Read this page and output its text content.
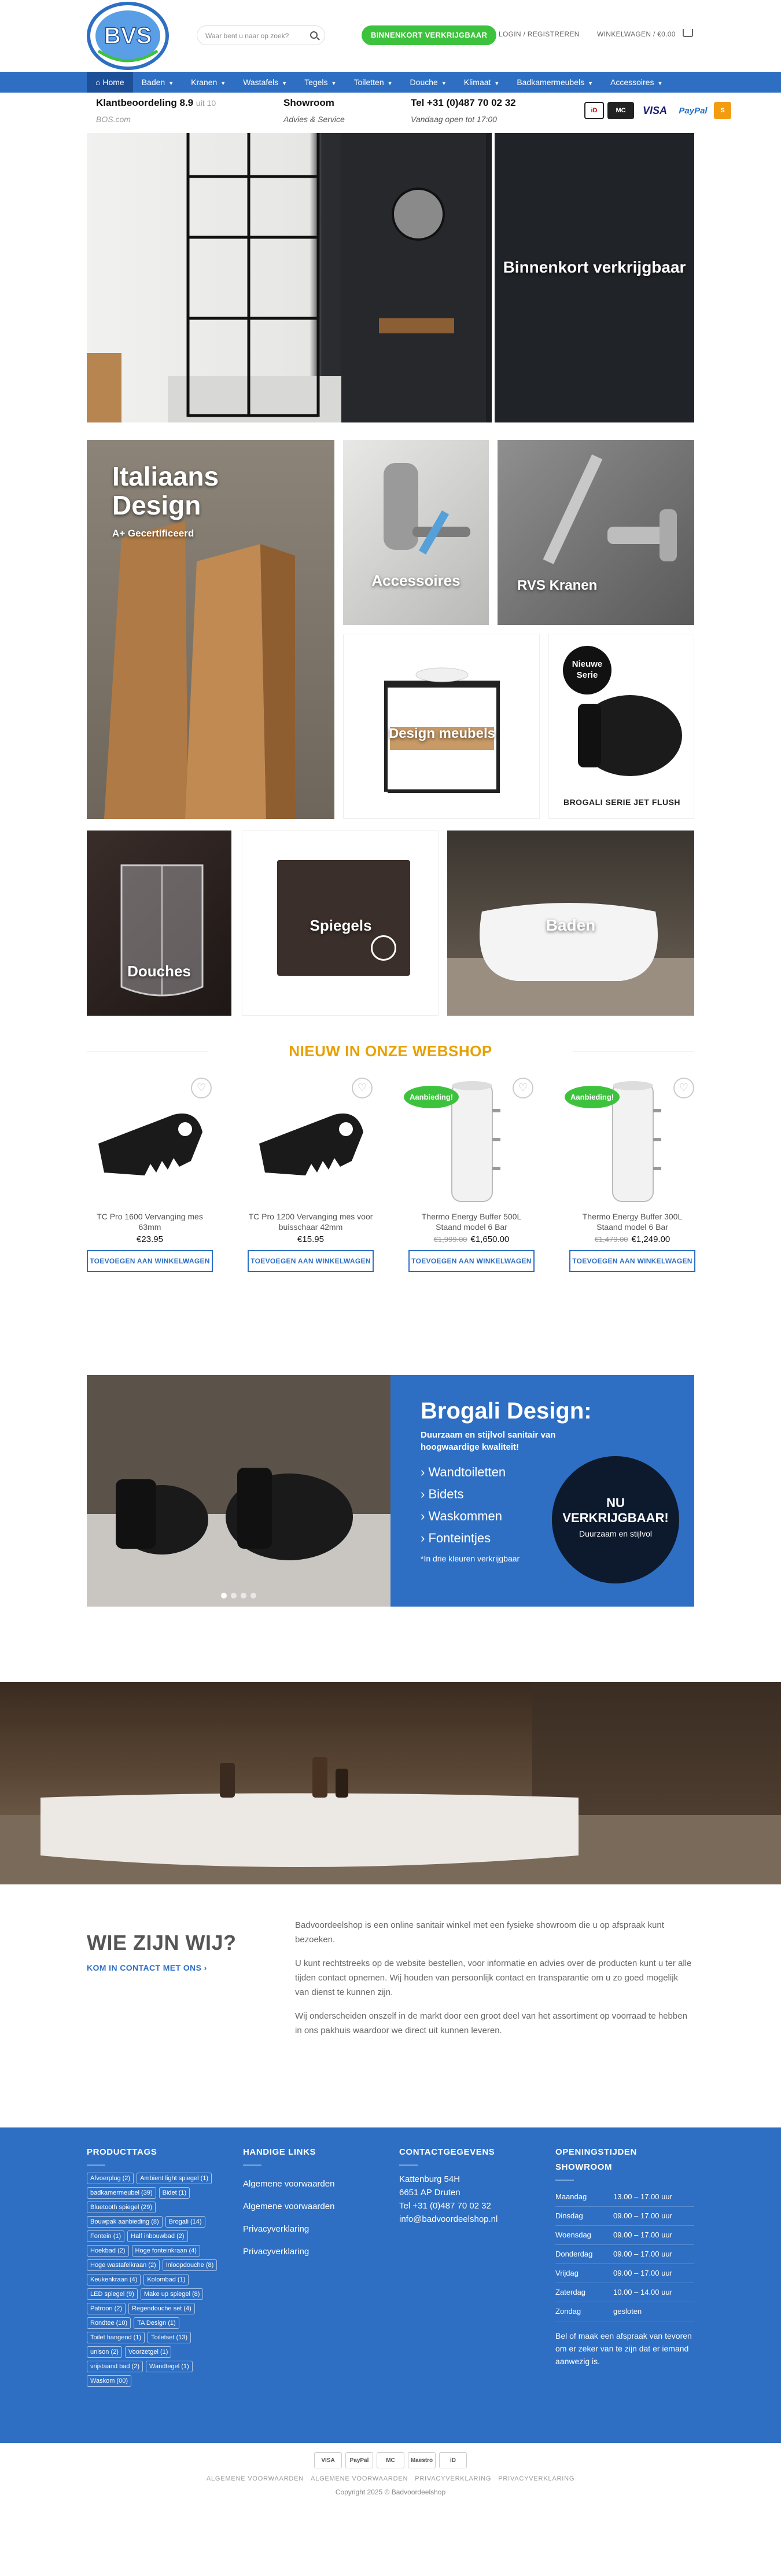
BVS	Waar bent u naar op zoek?	BINNENKORT VERKRIJGBAAR	LOGIN / REGISTREREN	WINKELWAGEN / €0.00
⌂ Home	Baden ▼	Kranen ▼	Wastafels ▼	Tegels ▼	Toiletten ▼	Douche ▼	Klimaat ▼	Badkamermeubels ▼	Accessoires ▼
Klantbeoordeling 8.9 uit 10
BOS.com
Showroom
Advies & Service
Tel +31 (0)487 70 02 32
Vandaag open tot 17:00
iD	MC	VISA	PayPal	S
Binnenkort verkrijgbaar
Italiaans Design
A+ Gecertificeerd
Accessoires	RVS Kranen
Design meubels
Nieuwe Serie
BROGALI SERIE JET FLUSH
Douches
Spiegels	Baden
NIEUW IN ONZE WEBSHOP
♡
TC Pro 1600 Vervanging mes 63mm
€23.95
TOEVOEGEN AAN WINKELWAGEN
♡
TC Pro 1200 Vervanging mes voor buisschaar 42mm
€15.95
TOEVOEGEN AAN WINKELWAGEN
♡
Aanbieding!
Thermo Energy Buffer 500L Staand model 6 Bar
€1,999.00 €1,650.00
TOEVOEGEN AAN WINKELWAGEN
♡
Aanbieding!
Thermo Energy Buffer 300L Staand model 6 Bar
€1,479.00 €1,249.00
TOEVOEGEN AAN WINKELWAGEN
Brogali Design:

Duurzaam en stijlvol sanitair van hoogwaardige kwaliteit!

› Wandtoiletten
› Bidets
› Waskommen
› Fonteintjes

*In drie kleuren verkrijgbaar

NU VERKRIJGBAAR!
Duurzaam en stijlvol
WIE ZIJN WIJ?
KOM IN CONTACT MET ONS ›

Badvoordeelshop is een online sanitair winkel met een fysieke showroom die u op afspraak kunt bezoeken.

U kunt rechtstreeks op de website bestellen, voor informatie en advies over de producten kunt u ter alle tijden contact opnemen. Wij houden van persoonlijk contact en transparantie om u zo goed mogelijk van dienst te kunnen zijn.

Wij onderscheiden onszelf in de markt door een groot deel van het assortiment op voorraad te hebben in ons pakhuis waardoor we direct uit kunnen leveren.

PRODUCTTAGS
Afvoerplug (2)	Ambient light spiegel (1)
badkamermeubel (39)	Bidet (1)
Bluetooth spiegel (29)
Bouwpak aanbieding (8)	Brogali (14)
Fontein (1)	Half inbouwbad (2)
Hoekbad (2)	Hoge fonteinkraan (4)
Hoge wastafelkraan (2)	Inloopdouche (8)
Keukenkraan (4)	Kolombad (1)
LED spiegel (9)	Make up spiegel (8)
Patroon (2)	Regendouche set (4)
Rondtee (10)	TA Design (1)
Toilet hangend (1)	Toiletset (13)
unison (2)	Voorzetgel (1)
vrijstaand bad (2)	Wandtegel (1)
Waskom (00)
HANDIGE LINKS
Algemene voorwaarden
Algemene voorwaarden
Privacyverklaring
Privacyverklaring
CONTACTGEGEVENS
Kattenburg 54H
6651 AP Druten
Tel +31 (0)487 70 02 32
info@badvoordeelshop.nl
OPENINGSTIJDEN SHOWROOM
Maandag	13.00 – 17.00 uur
Dinsdag	09.00 – 17.00 uur
Woensdag	09.00 – 17.00 uur
Donderdag	09.00 – 17.00 uur
Vrijdag	09.00 – 17.00 uur
Zaterdag	10.00 – 14.00 uur
Zondag	gesloten
Bel of maak een afspraak van tevoren om er zeker van te zijn dat er iemand aanwezig is.
VISA	PayPal	MC	Maestro	iD
ALGEMENE VOORWAARDEN ALGEMENE VOORWAARDEN PRIVACYVERKLARING PRIVACYVERKLARING
Copyright 2025 © Badvoordeelshop
